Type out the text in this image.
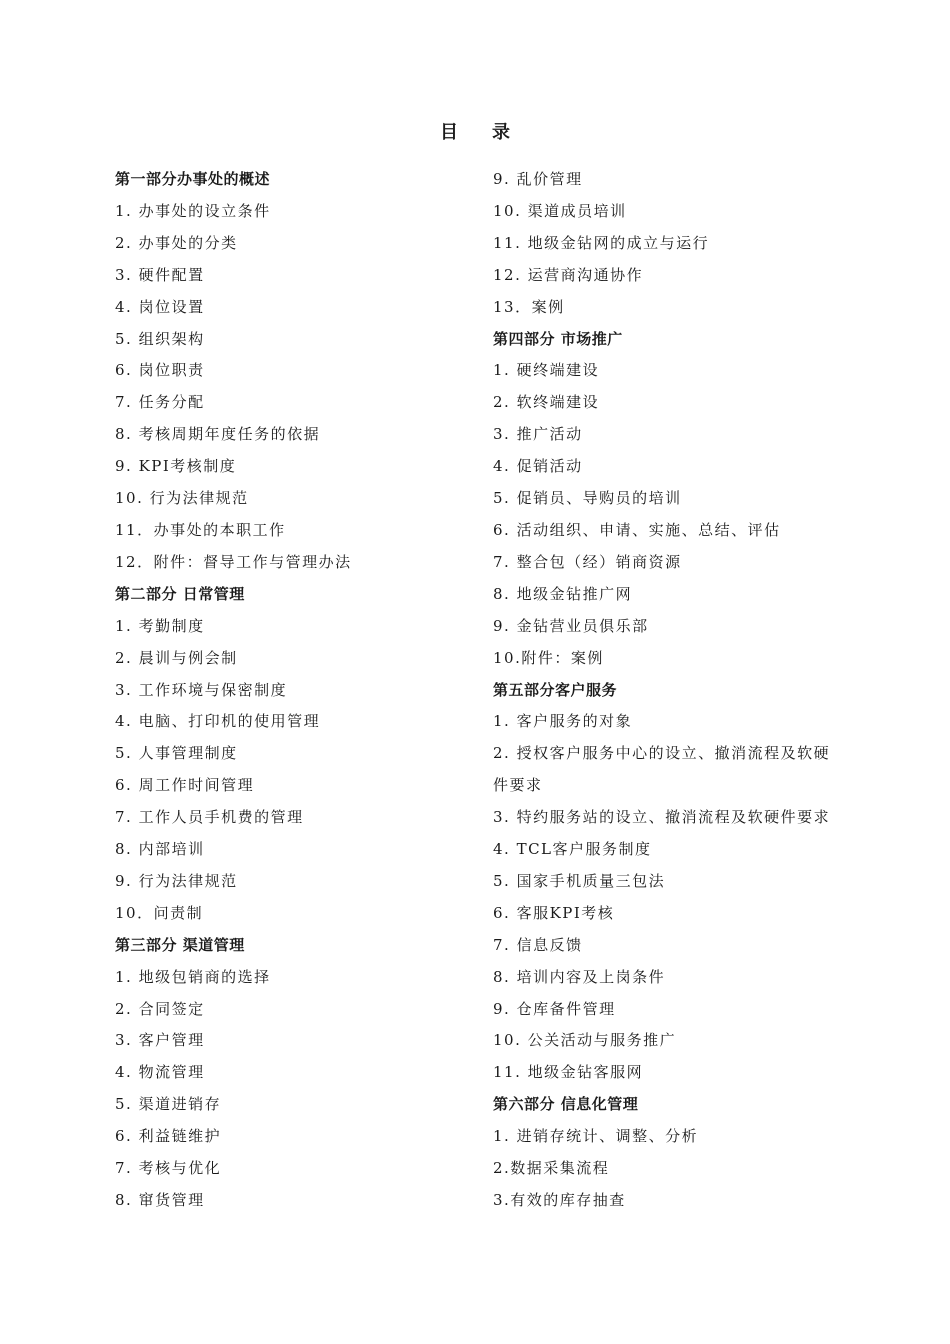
目录
第一部分办事处的概述
1. 办事处的设立条件
2. 办事处的分类
3. 硬件配置
4. 岗位设置
5. 组织架构
6. 岗位职责
7. 任务分配
8. 考核周期年度任务的依据
9. KPI考核制度
10. 行为法律规范
11．办事处的本职工作
12．附件：督导工作与管理办法
第二部分 日常管理
1. 考勤制度
2. 晨训与例会制
3. 工作环境与保密制度
4. 电脑、打印机的使用管理
5. 人事管理制度
6. 周工作时间管理
7. 工作人员手机费的管理
8. 内部培训
9. 行为法律规范
10．问责制
第三部分 渠道管理
1. 地级包销商的选择
2. 合同签定
3. 客户管理
4. 物流管理
5. 渠道进销存
6. 利益链维护
7. 考核与优化
8. 窜货管理
9. 乱价管理
10. 渠道成员培训
11. 地级金钻网的成立与运行
12. 运营商沟通协作
13．案例
第四部分 市场推广
1. 硬终端建设
2. 软终端建设
3. 推广活动
4. 促销活动
5. 促销员、导购员的培训
6. 活动组织、申请、实施、总结、评估
7. 整合包（经）销商资源
8. 地级金钻推广网
9. 金钻营业员俱乐部
10.附件：案例
第五部分客户服务
1. 客户服务的对象
2. 授权客户服务中心的设立、撤消流程及软硬件要求
3. 特约服务站的设立、撤消流程及软硬件要求
4. TCL客户服务制度
5. 国家手机质量三包法
6. 客服KPI考核
7. 信息反馈
8. 培训内容及上岗条件
9. 仓库备件管理
10. 公关活动与服务推广
11. 地级金钻客服网
第六部分 信息化管理
1. 进销存统计、调整、分析
2.数据采集流程
3.有效的库存抽查
